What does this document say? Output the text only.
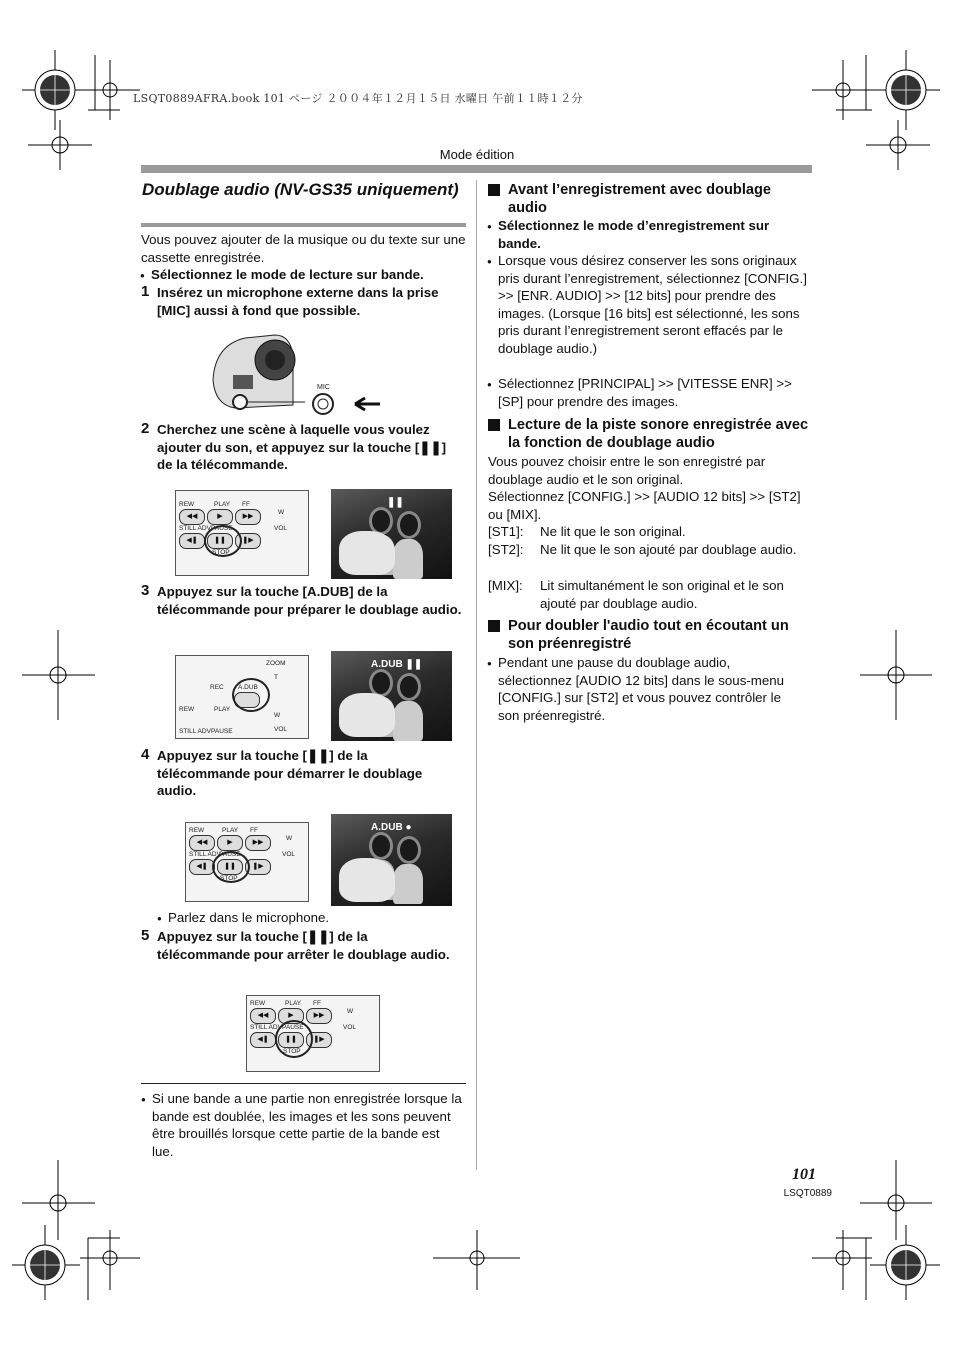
LSQT0889AFRA.book 101 ページ ２００４年１２月１５日 水曜日 午前１１時１２分
Mode édition
Doublage audio (NV-GS35 uniquement)
Vous pouvez ajouter de la musique ou du texte sur une cassette enregistrée.
● Sélectionnez le mode de lecture sur bande.
1 Insérez un microphone externe dans la prise [MIC] aussi à fond que possible.
MIC
2 Cherchez une scène à laquelle vous voulez ajouter du son, et appuyez sur la touche [❚❚] de la télécommande.
REW	PLAY FF
◀◀	▶	▶▶
STILL ADV PAUSE
◀❚	❚❚	❚▶
STOP
W
VOL
❚❚
3 Appuyez sur la touche [A.DUB] de la télécommande pour préparer le doublage audio.
ZOOM
REC A.DUB
T
W
VOL
REW	PLAY
STILL ADV PAUSE
A.DUB ❚❚
4 Appuyez sur la touche [❚❚] de la télécommande pour démarrer le doublage audio.
REW	PLAY FF
◀◀	▶	▶▶
STILL ADV
PAUSE
◀❚	❚❚	❚▶
STOP
W
VOL
A.DUB ●
● Parlez dans le microphone.
5 Appuyez sur la touche [❚❚] de la télécommande pour arrêter le doublage audio.
REW	PLAY FF
◀◀	▶	▶▶
STILL ADV PAUSE
◀❚	❚❚	❚▶
STOP
W
VOL
● Si une bande a une partie non enregistrée lorsque la bande est doublée, les images et les sons peuvent être brouillés lorsque cette partie de la bande est lue.
Avant l’enregistrement avec doublage audio
● Sélectionnez le mode d’enregistrement sur bande.
● Lorsque vous désirez conserver les sons originaux pris durant l’enregistrement, sélectionnez [CONFIG.] >> [ENR. AUDIO] >> [12 bits] pour prendre des images. (Lorsque [16 bits] est sélectionné, les sons pris durant l’enregistrement seront effacés par le doublage audio.)
● Sélectionnez [PRINCIPAL] >> [VITESSE ENR] >> [SP] pour prendre des images.
Lecture de la piste sonore enregistrée avec la fonction de doublage audio
Vous pouvez choisir entre le son enregistré par doublage audio et le son original.
Sélectionnez [CONFIG.] >> [AUDIO 12 bits] >> [ST2] ou [MIX].
[ST1]: Ne lit que le son original.
[ST2]: Ne lit que le son ajouté par doublage audio.
[MIX]: Lit simultanément le son original et le son ajouté par doublage audio.
Pour doubler l'audio tout en écoutant un son préenregistré
● Pendant une pause du doublage audio, sélectionnez [AUDIO 12 bits] dans le sous-menu [CONFIG.] sur [ST2] et vous pouvez contrôler le son préenregistré.
101
LSQT0889
